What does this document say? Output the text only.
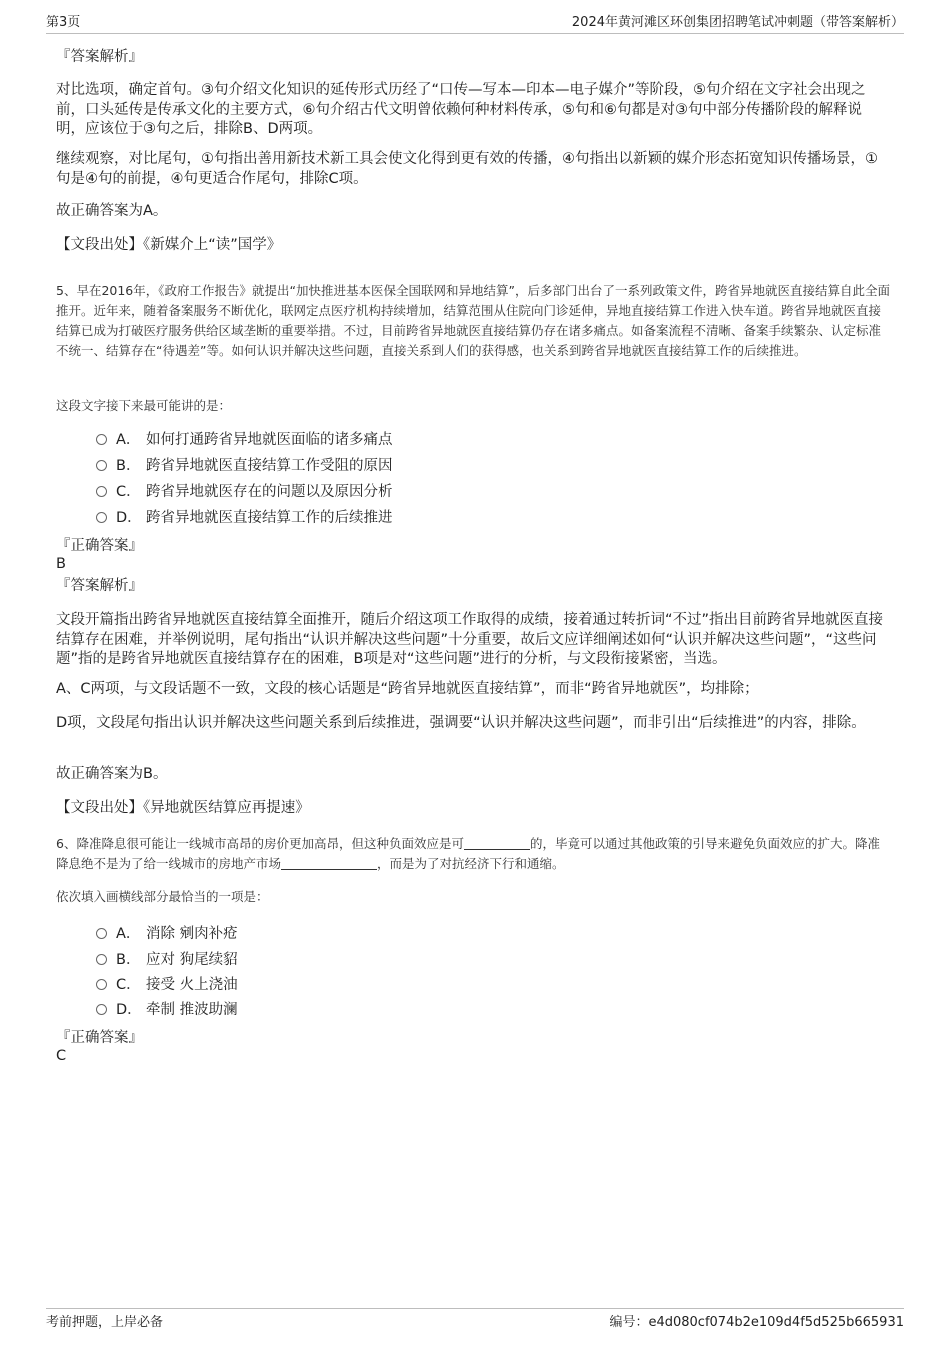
第3页	2024年黄河滩区环创集团招聘笔试冲刺题（带答案解析）
『答案解析』
对比选项，确定首句。③句介绍文化知识的延传形式历经了“口传—写本—印本—电子媒介”等阶段，⑤句介绍在文字社会出现之前，口头延传是传承文化的主要方式，⑥句介绍古代文明曾依赖何种材料传承，⑤句和⑥句都是对③句中部分传播阶段的解释说明，应该位于③句之后，排除B、D两项。
继续观察，对比尾句，①句指出善用新技术新工具会使文化得到更有效的传播，④句指出以新颖的媒介形态拓宽知识传播场景，①句是④句的前提，④句更适合作尾句，排除C项。
故正确答案为A。
【文段出处】《新媒介上“读”国学》
5、早在2016年，《政府工作报告》就提出“加快推进基本医保全国联网和异地结算”，后多部门出台了一系列政策文件，跨省异地就医直接结算自此全面推开。近年来，随着备案服务不断优化，联网定点医疗机构持续增加，结算范围从住院向门诊延伸，异地直接结算工作进入快车道。跨省异地就医直接结算已成为打破医疗服务供给区域垄断的重要举措。不过，目前跨省异地就医直接结算仍存在诸多痛点。如备案流程不清晰、备案手续繁杂、认定标准不统一、结算存在“待遇差”等。如何认识并解决这些问题，直接关系到人们的获得感，也关系到跨省异地就医直接结算工作的后续推进。
这段文字接下来最可能讲的是：
A． 如何打通跨省异地就医面临的诸多痛点
B． 跨省异地就医直接结算工作受阻的原因
C． 跨省异地就医存在的问题以及原因分析
D． 跨省异地就医直接结算工作的后续推进
『正确答案』
B
『答案解析』
文段开篇指出跨省异地就医直接结算全面推开，随后介绍这项工作取得的成绩，接着通过转折词“不过”指出目前跨省异地就医直接结算存在困难，并举例说明，尾句指出“认识并解决这些问题”十分重要，故后文应详细阐述如何“认识并解决这些问题”，“这些问题”指的是跨省异地就医直接结算存在的困难，B项是对“这些问题”进行的分析，与文段衔接紧密，当选。
A、C两项，与文段话题不一致，文段的核心话题是“跨省异地就医直接结算”，而非“跨省异地就医”，均排除；
D项，文段尾句指出认识并解决这些问题关系到后续推进，强调要“认识并解决这些问题”，而非引出“后续推进”的内容，排除。
故正确答案为B。
【文段出处】《异地就医结算应再提速》
6、降准降息很可能让一线城市高昂的房价更加高昂，但这种负面效应是可	的，毕竟可以通过其他政策的引导来避免负面效应的扩大。降准降息绝不是为了给一线城市的房地产市场	，而是为了对抗经济下行和通缩。
依次填入画横线部分最恰当的一项是：
A． 消除 剜肉补疮
B． 应对 狗尾续貂
C． 接受 火上浇油
D． 牵制 推波助澜
『正确答案』
C
考前押题，上岸必备	编号：e4d080cf074b2e109d4f5d525b665931
